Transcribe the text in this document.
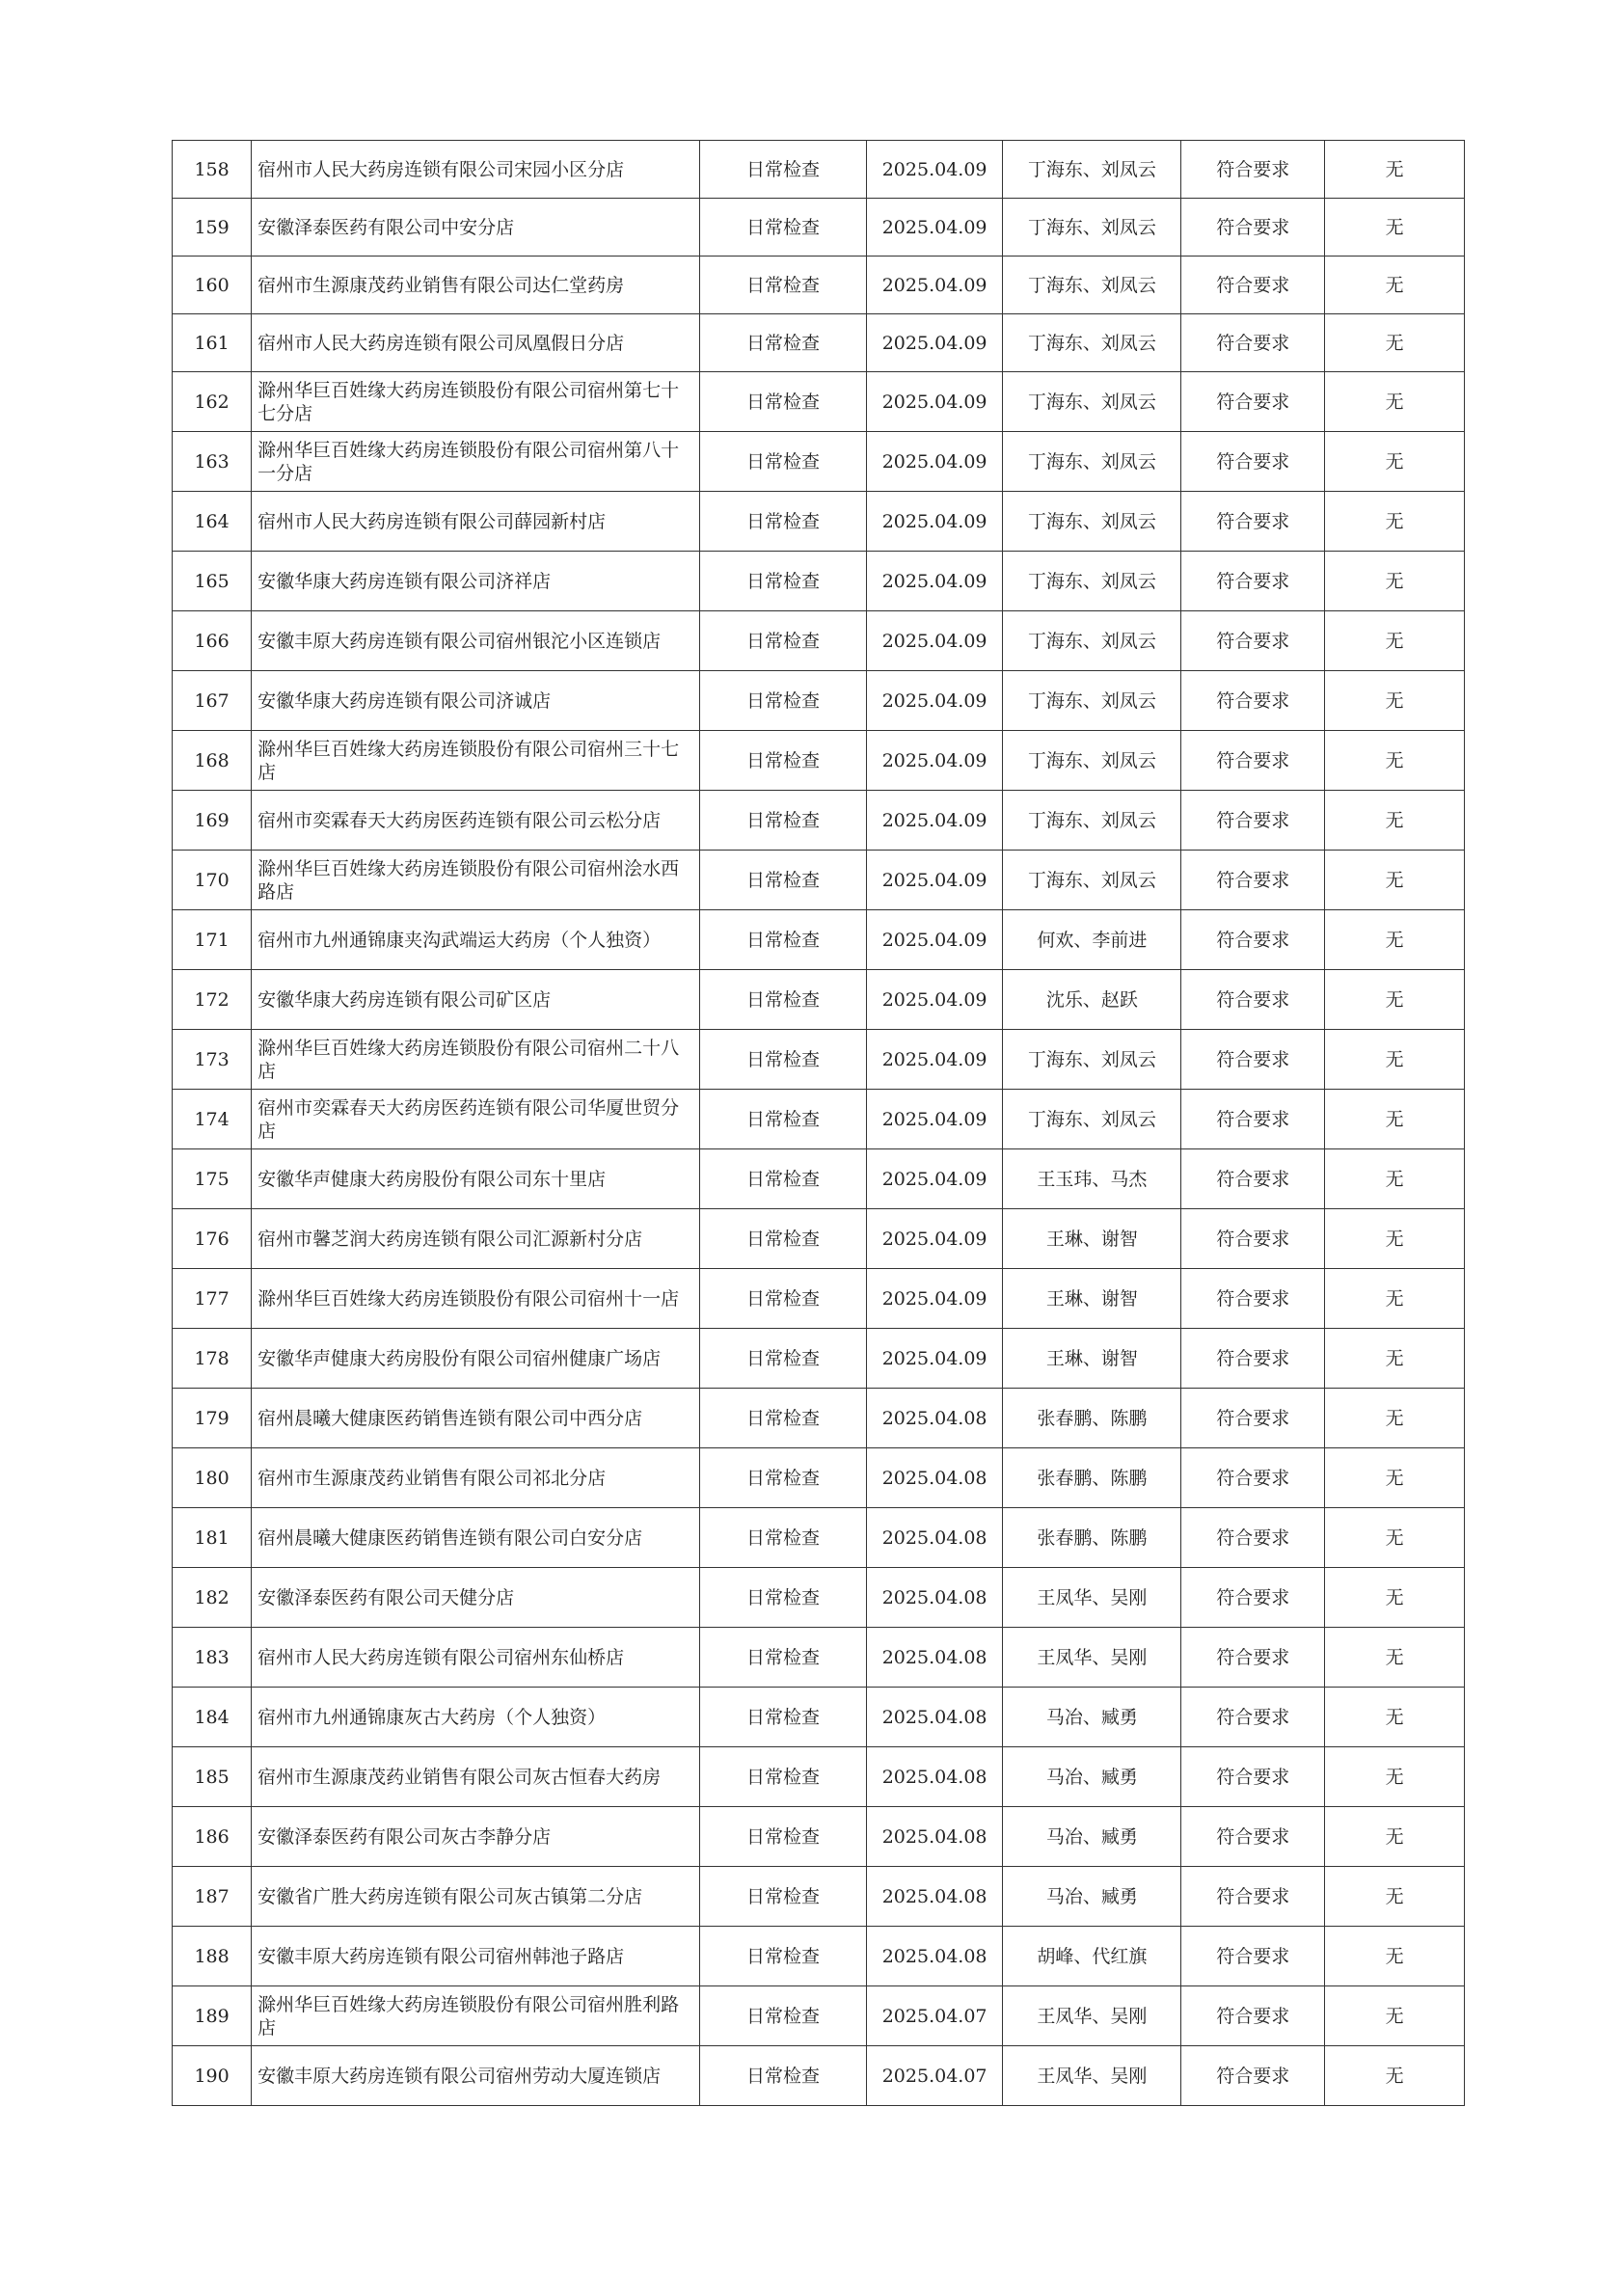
158	宿州市人民大药房连锁有限公司宋园小区分店	日常检查	2025.04.09	丁海东、刘凤云	符合要求	无
159	安徽泽泰医药有限公司中安分店	日常检查	2025.04.09	丁海东、刘凤云	符合要求	无
160	宿州市生源康茂药业销售有限公司达仁堂药房	日常检查	2025.04.09	丁海东、刘凤云	符合要求	无
161	宿州市人民大药房连锁有限公司凤凰假日分店	日常检查	2025.04.09	丁海东、刘凤云	符合要求	无
162	滁州华巨百姓缘大药房连锁股份有限公司宿州第七十七分店	日常检查	2025.04.09	丁海东、刘凤云	符合要求	无
163	滁州华巨百姓缘大药房连锁股份有限公司宿州第八十一分店	日常检查	2025.04.09	丁海东、刘凤云	符合要求	无
164	宿州市人民大药房连锁有限公司薛园新村店	日常检查	2025.04.09	丁海东、刘凤云	符合要求	无
165	安徽华康大药房连锁有限公司济祥店	日常检查	2025.04.09	丁海东、刘凤云	符合要求	无
166	安徽丰原大药房连锁有限公司宿州银沱小区连锁店	日常检查	2025.04.09	丁海东、刘凤云	符合要求	无
167	安徽华康大药房连锁有限公司济诚店	日常检查	2025.04.09	丁海东、刘凤云	符合要求	无
168	滁州华巨百姓缘大药房连锁股份有限公司宿州三十七店	日常检查	2025.04.09	丁海东、刘凤云	符合要求	无
169	宿州市奕霖春天大药房医药连锁有限公司云松分店	日常检查	2025.04.09	丁海东、刘凤云	符合要求	无
170	滁州华巨百姓缘大药房连锁股份有限公司宿州浍水西路店	日常检查	2025.04.09	丁海东、刘凤云	符合要求	无
171	宿州市九州通锦康夹沟武端运大药房（个人独资）	日常检查	2025.04.09	何欢、李前进	符合要求	无
172	安徽华康大药房连锁有限公司矿区店	日常检查	2025.04.09	沈乐、赵跃	符合要求	无
173	滁州华巨百姓缘大药房连锁股份有限公司宿州二十八店	日常检查	2025.04.09	丁海东、刘凤云	符合要求	无
174	宿州市奕霖春天大药房医药连锁有限公司华厦世贸分店	日常检查	2025.04.09	丁海东、刘凤云	符合要求	无
175	安徽华声健康大药房股份有限公司东十里店	日常检查	2025.04.09	王玉玮、马杰	符合要求	无
176	宿州市馨芝润大药房连锁有限公司汇源新村分店	日常检查	2025.04.09	王琳、谢智	符合要求	无
177	滁州华巨百姓缘大药房连锁股份有限公司宿州十一店	日常检查	2025.04.09	王琳、谢智	符合要求	无
178	安徽华声健康大药房股份有限公司宿州健康广场店	日常检查	2025.04.09	王琳、谢智	符合要求	无
179	宿州晨曦大健康医药销售连锁有限公司中西分店	日常检查	2025.04.08	张春鹏、陈鹏	符合要求	无
180	宿州市生源康茂药业销售有限公司祁北分店	日常检查	2025.04.08	张春鹏、陈鹏	符合要求	无
181	宿州晨曦大健康医药销售连锁有限公司白安分店	日常检查	2025.04.08	张春鹏、陈鹏	符合要求	无
182	安徽泽泰医药有限公司天健分店	日常检查	2025.04.08	王凤华、吴刚	符合要求	无
183	宿州市人民大药房连锁有限公司宿州东仙桥店	日常检查	2025.04.08	王凤华、吴刚	符合要求	无
184	宿州市九州通锦康灰古大药房（个人独资）	日常检查	2025.04.08	马冶、臧勇	符合要求	无
185	宿州市生源康茂药业销售有限公司灰古恒春大药房	日常检查	2025.04.08	马冶、臧勇	符合要求	无
186	安徽泽泰医药有限公司灰古李静分店	日常检查	2025.04.08	马冶、臧勇	符合要求	无
187	安徽省广胜大药房连锁有限公司灰古镇第二分店	日常检查	2025.04.08	马冶、臧勇	符合要求	无
188	安徽丰原大药房连锁有限公司宿州韩池子路店	日常检查	2025.04.08	胡峰、代红旗	符合要求	无
189	滁州华巨百姓缘大药房连锁股份有限公司宿州胜利路店	日常检查	2025.04.07	王凤华、吴刚	符合要求	无
190	安徽丰原大药房连锁有限公司宿州劳动大厦连锁店	日常检查	2025.04.07	王凤华、吴刚	符合要求	无
